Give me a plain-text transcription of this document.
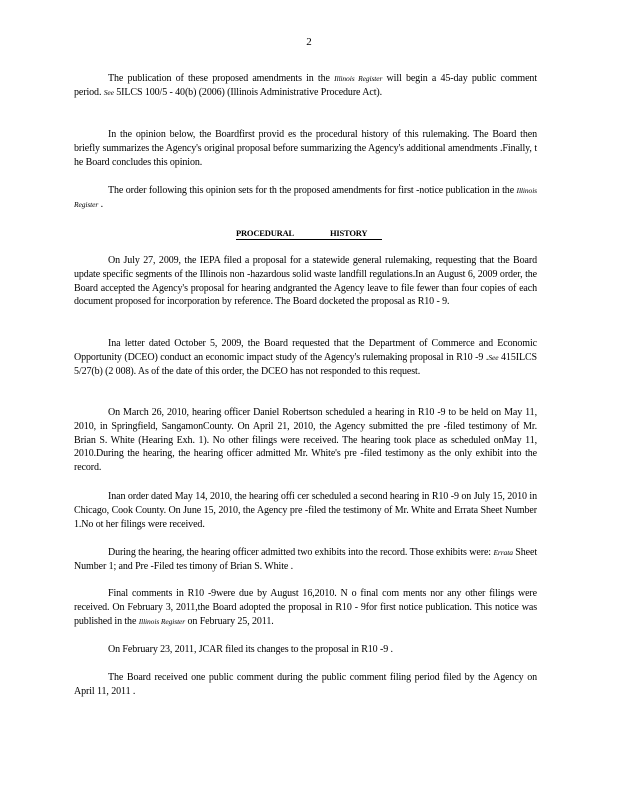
2

The publication of these proposed amendments in the Illinois Register will begin a 45-day public comment period. See 5ILCS 100/5 - 40(b) (2006) (Illinois Administrative Procedure Act).

In the opinion below, the Boardfirst provid es the procedural history of this rulemaking. The Board then briefly summarizes the Agency's original proposal before summarizing the Agency's additional amendments .Finally, t he Board concludes this opinion.

The order following this opinion sets for th the proposed amendments for first -notice publication in the Illinois Register .

PROCEDURAL	HISTORY

On July 27, 2009, the IEPA filed a proposal for a statewide general rulemaking, requesting that the Board update specific segments of the Illinois non -hazardous solid waste landfill regulations.In an August 6, 2009 order, the Board accepted the Agency's proposal for hearing andgranted the Agency leave to file fewer than four copies of each document proposed for incorporation by reference. The Board docketed the proposal as R10 - 9.

Ina letter dated October 5, 2009, the Board requested that the Department of Commerce and Economic Opportunity (DCEO) conduct an economic impact study of the Agency's rulemaking proposal in R10 -9 .See 415ILCS 5/27(b) (2 008). As of the date of this order, the DCEO has not responded to this request.

On March 26, 2010, hearing officer Daniel Robertson scheduled a hearing in R10 -9 to be held on May 11, 2010, in Springfield, SangamonCounty. On April 21, 2010, the Agency submitted the pre -filed testimony of Mr. Brian S. White (Hearing Exh. 1). No other filings were received. The hearing took place as scheduled onMay 11, 2010.During the hearing, the hearing officer admitted Mr. White's pre -filed testimony as the only exhibit into the record.

Inan order dated May 14, 2010, the hearing offi cer scheduled a second hearing in R10 -9 on July 15, 2010 in Chicago, Cook County. On June 15, 2010, the Agency pre -filed the testimony of Mr. White and Errata Sheet Number 1.No ot her filings were received.

During the hearing, the hearing officer admitted two exhibits into the record. Those exhibits were: Errata Sheet Number 1; and Pre -Filed tes timony of Brian S. White .

Final comments in R10 -9were due by August 16,2010. N o final com ments nor any other filings were received. On February 3, 2011,the Board adopted the proposal in R10 - 9for first notice publication. This notice was published in the Illinois Register on February 25, 2011.

On February 23, 2011, JCAR filed its changes to the proposal in R10 -9 .

The Board received one public comment during the public comment filing period filed by the Agency on April 11, 2011 .
